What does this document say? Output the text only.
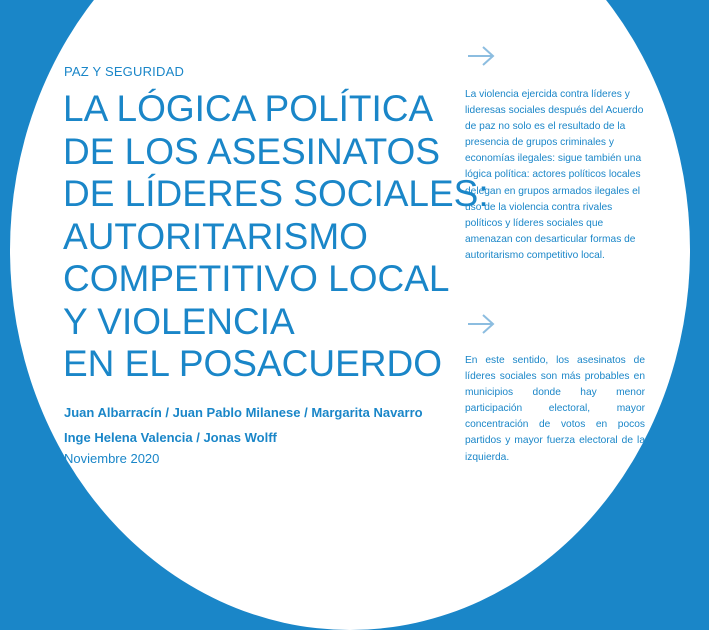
PAZ Y SEGURIDAD
LA LÓGICA POLÍTICA
DE LOS ASESINATOS
DE LÍDERES SOCIALES:
AUTORITARISMO
COMPETITIVO LOCAL
Y VIOLENCIA
EN EL POSACUERDO
Juan Albarracín / Juan Pablo Milanese / Margarita Navarro
Inge Helena Valencia / Jonas Wolff
Noviembre 2020

La violencia ejercida contra líderes y lideresas sociales después del Acuerdo de paz no solo es el resultado de la presencia de grupos criminales y economías ilegales: sigue también una lógica política: actores políticos locales delegan en grupos armados ilegales el uso de la violencia contra rivales políticos y líderes sociales que amenazan con desarticular formas de autoritarismo competitivo local.

En este sentido, los asesinatos de líderes sociales son más probables en municipios donde hay menor participación electoral, mayor concentración de votos en pocos partidos y mayor fuerza electoral de la izquierda.
